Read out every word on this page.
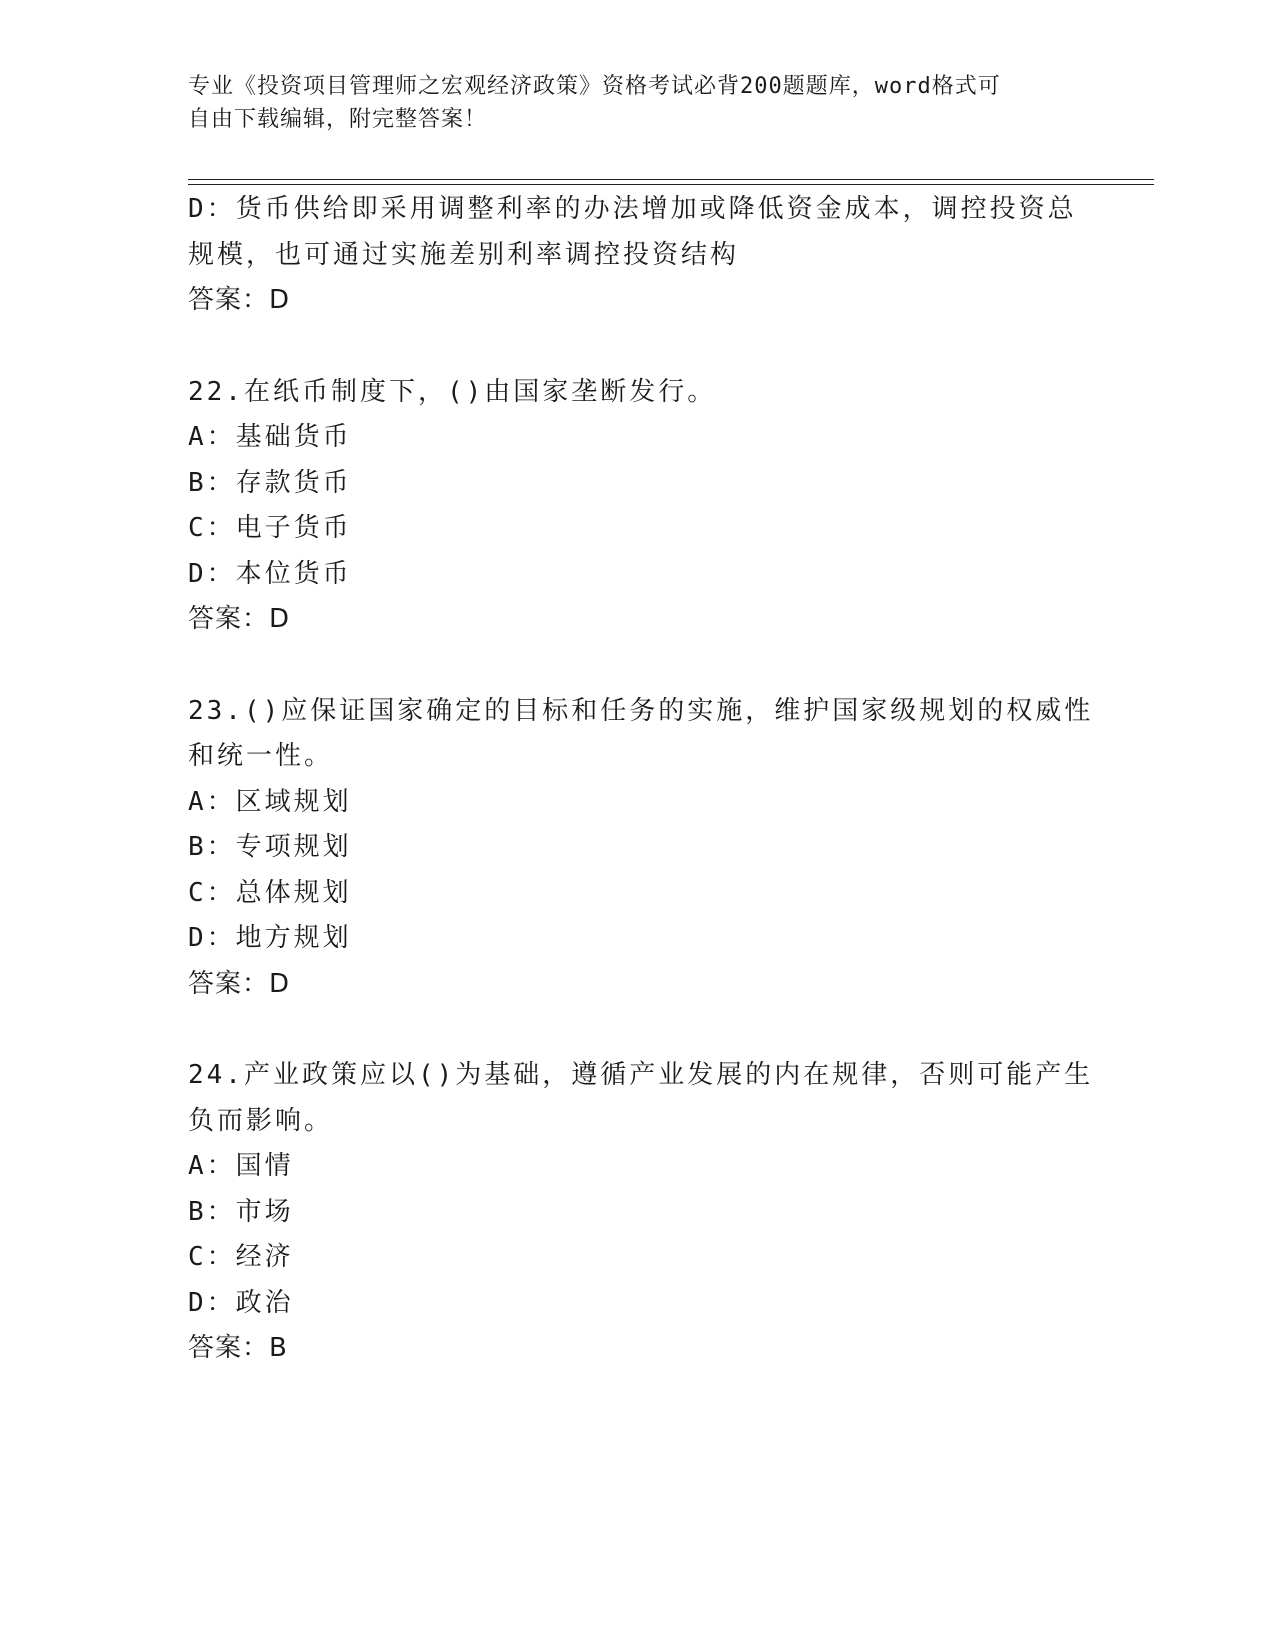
专业《投资项目管理师之宏观经济政策》资格考试必背200题题库，word格式可
自由下载编辑，附完整答案！
D：货币供给即采用调整利率的办法增加或降低资金成本，调控投资总
规模，也可通过实施差别利率调控投资结构
答案：D
22.在纸币制度下，()由国家垄断发行。
A：基础货币
B：存款货币
C：电子货币
D：本位货币
答案：D
23.()应保证国家确定的目标和任务的实施，维护国家级规划的权威性
和统一性。
A：区域规划
B：专项规划
C：总体规划
D：地方规划
答案：D
24.产业政策应以()为基础，遵循产业发展的内在规律，否则可能产生
负而影响。
A：国情
B：市场
C：经济
D：政治
答案：B
